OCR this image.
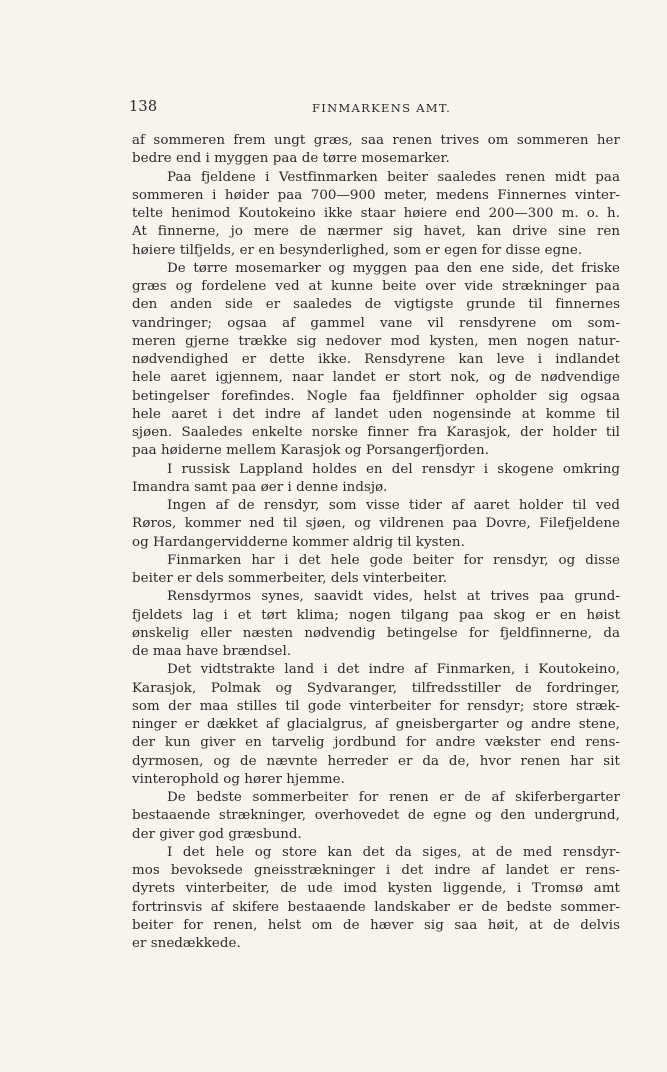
138	FINMARKENS AMT.

af sommeren frem ungt græs, saa renen trives om sommeren her
bedre end i myggen paa de tørre mosemarker.

Paa fjeldene i Vestfinmarken beiter saaledes renen midt paa
sommeren i høider paa 700—900 meter, medens Finnernes vinter-
telte henimod Koutokeino ikke staar høiere end 200—300 m. o. h.
At finnerne, jo mere de nærmer sig havet, kan drive sine ren
høiere tilfjelds, er en besynderlighed, som er egen for disse egne.

De tørre mosemarker og myggen paa den ene side, det friske
græs og fordelene ved at kunne beite over vide strækninger paa
den anden side er saaledes de vigtigste grunde til finnernes
vandringer; ogsaa af gammel vane vil rensdyrene om som-
meren gjerne trække sig nedover mod kysten, men nogen natur-
nødvendighed er dette ikke. Rensdyrene kan leve i indlandet
hele aaret igjennem, naar landet er stort nok, og de nødvendige
betingelser forefindes. Nogle faa fjeldfinner opholder sig ogsaa
hele aaret i det indre af landet uden nogensinde at komme til
sjøen. Saaledes enkelte norske finner fra Karasjok, der holder til
paa høiderne mellem Karasjok og Porsangerfjorden.

I russisk Lappland holdes en del rensdyr i skogene omkring
Imandra samt paa øer i denne indsjø.

Ingen af de rensdyr, som visse tider af aaret holder til ved
Røros, kommer ned til sjøen, og vildrenen paa Dovre, Filefjeldene
og Hardangervidderne kommer aldrig til kysten.

Finmarken har i det hele gode beiter for rensdyr, og disse
beiter er dels sommerbeiter, dels vinterbeiter.

Rensdyrmos synes, saavidt vides, helst at trives paa grund-
fjeldets lag i et tørt klima; nogen tilgang paa skog er en høist
ønskelig eller næsten nødvendig betingelse for fjeldfinnerne, da
de maa have brændsel.

Det vidtstrakte land i det indre af Finmarken, i Koutokeino,
Karasjok, Polmak og Sydvaranger, tilfredsstiller de fordringer,
som der maa stilles til gode vinterbeiter for rensdyr; store stræk-
ninger er dækket af glacialgrus, af gneisbergarter og andre stene,
der kun giver en tarvelig jordbund for andre vækster end rens-
dyrmosen, og de nævnte herreder er da de, hvor renen har sit
vinterophold og hører hjemme.

De bedste sommerbeiter for renen er de af skiferbergarter
bestaaende strækninger, overhovedet de egne og den undergrund,
der giver god græsbund.

I det hele og store kan det da siges, at de med rensdyr-
mos bevoksede gneisstrækninger i det indre af landet er rens-
dyrets vinterbeiter, de ude imod kysten liggende, i Tromsø amt
fortrinsvis af skifere bestaaende landskaber er de bedste sommer-
beiter for renen, helst om de hæver sig saa høit, at de delvis
er snedækkede.
